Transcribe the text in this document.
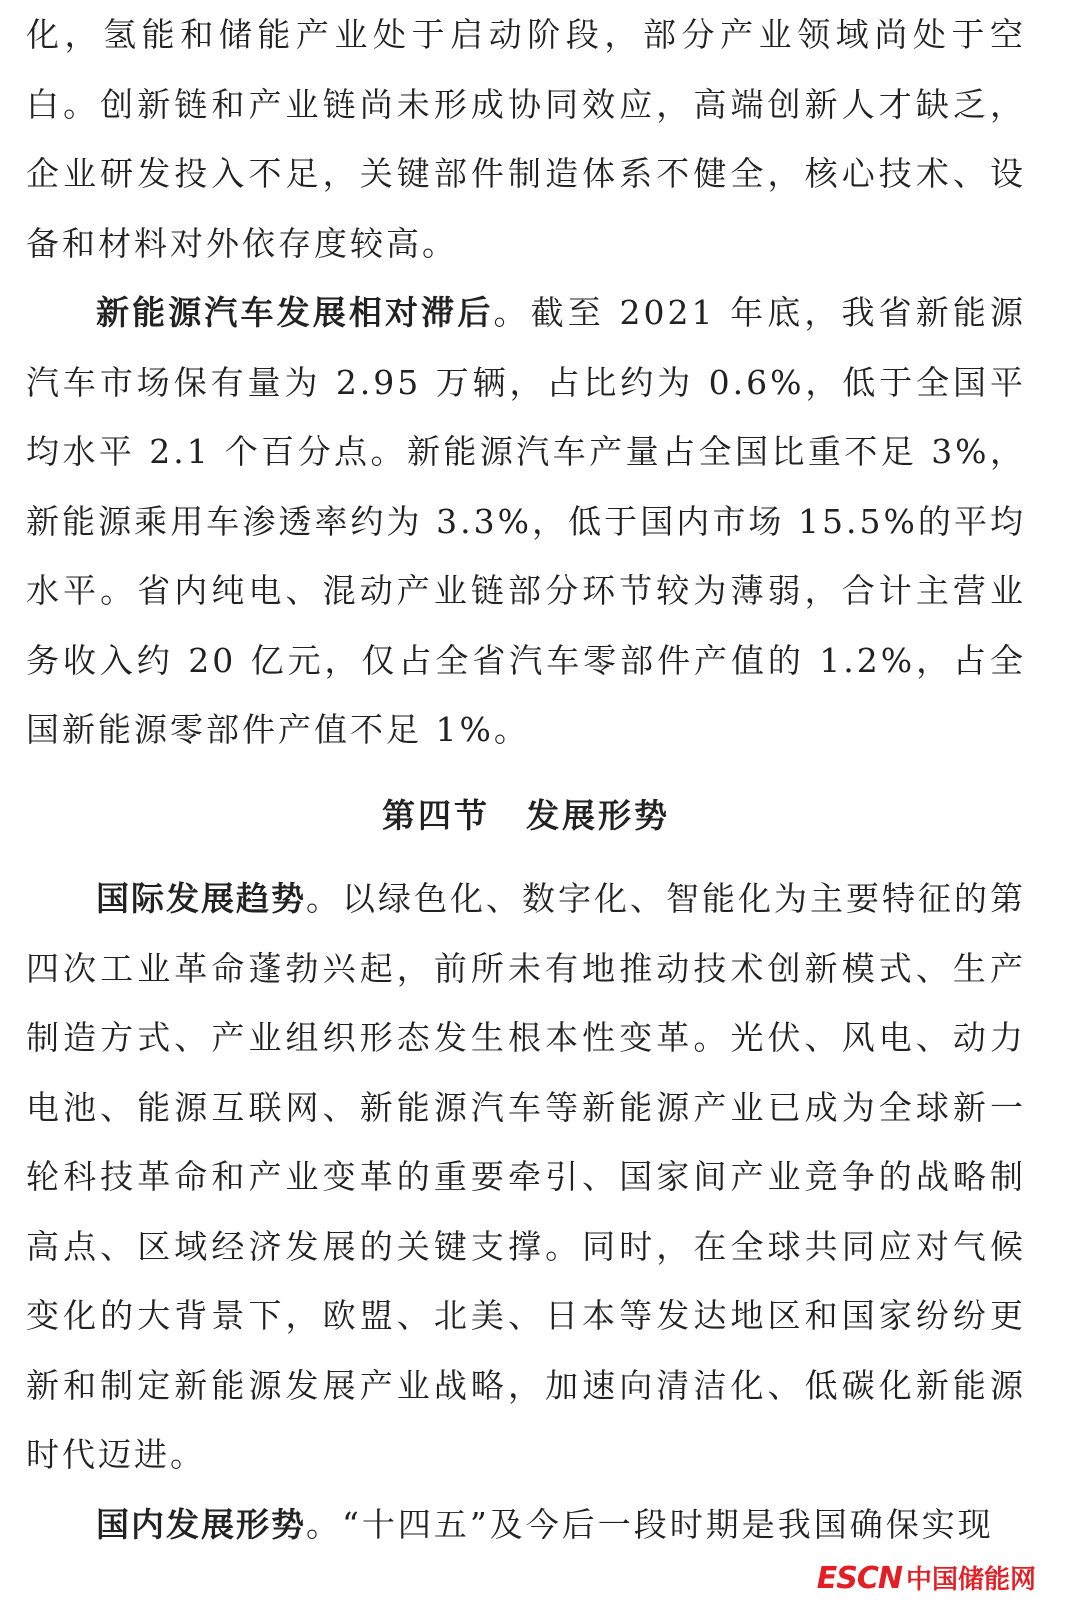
化，氢能和储能产业处于启动阶段，部分产业领域尚处于空白。创新链和产业链尚未形成协同效应，高端创新人才缺乏，企业研发投入不足，关键部件制造体系不健全，核心技术、设备和材料对外依存度较高。

新能源汽车发展相对滞后。截至 2021 年底，我省新能源汽车市场保有量为 2.95 万辆，占比约为 0.6%，低于全国平均水平 2.1 个百分点。新能源汽车产量占全国比重不足 3%，新能源乘用车渗透率约为 3.3%，低于国内市场 15.5%的平均水平。省内纯电、混动产业链部分环节较为薄弱，合计主营业务收入约 20 亿元，仅占全省汽车零部件产值的 1.2%，占全国新能源零部件产值不足 1%。

第四节　发展形势

国际发展趋势。以绿色化、数字化、智能化为主要特征的第四次工业革命蓬勃兴起，前所未有地推动技术创新模式、生产制造方式、产业组织形态发生根本性变革。光伏、风电、动力电池、能源互联网、新能源汽车等新能源产业已成为全球新一轮科技革命和产业变革的重要牵引、国家间产业竞争的战略制高点、区域经济发展的关键支撑。同时，在全球共同应对气候变化的大背景下，欧盟、北美、日本等发达地区和国家纷纷更新和制定新能源发展产业战略，加速向清洁化、低碳化新能源时代迈进。

国内发展形势。“十四五”及今后一段时期是我国确保实现

ESCN 中国储能网
